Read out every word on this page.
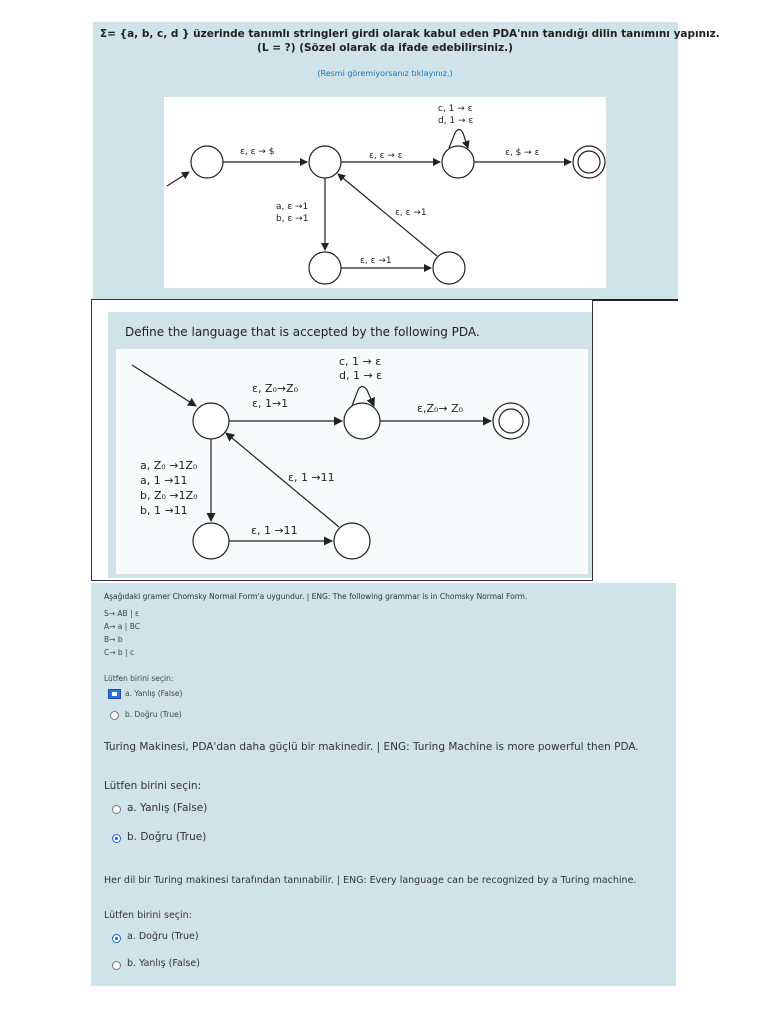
Σ= {a, b, c, d } üzerinde tanımlı stringleri girdi olarak kabul eden PDA'nın tanıdığı dilin tanımını yapınız.
(L = ?) (Sözel olarak da ifade edebilirsiniz.)
(Resmi göremiyorsanız tıklayınız.)
ε, ε → $	ε, ε → ε	ε, $ → ε
c, 1 → ε
d, 1 → ε
a, ε →1
b, ε →1
ε, ε →1
ε, ε →1
Define the language that is accepted by the following PDA.
ε, Z₀→Z₀
ε, 1→1
c, 1 → ε
d, 1 → ε
ε,Z₀→ Z₀
a, Z₀ →1Z₀
a, 1 →11
b, Z₀ →1Z₀
b, 1 →11
ε, 1 →11
ε, 1 →11
Aşağıdaki gramer Chomsky Normal Form'a uygundur. | ENG: The following grammar is in Chomsky Normal Form.
S→ AB | ε
A→ a | BC
B→ b
C→ b | c
Lütfen birini seçin:
a. Yanlış (False)
b. Doğru (True)
Turing Makinesi, PDA'dan daha güçlü bir makinedir. | ENG: Turing Machine is more powerful then PDA.
Lütfen birini seçin:
a. Yanlış (False)
b. Doğru (True)
Her dil bir Turing makinesi tarafından tanınabilir. | ENG: Every language can be recognized by a Turing machine.
Lütfen birini seçin:
a. Doğru (True)
b. Yanlış (False)
